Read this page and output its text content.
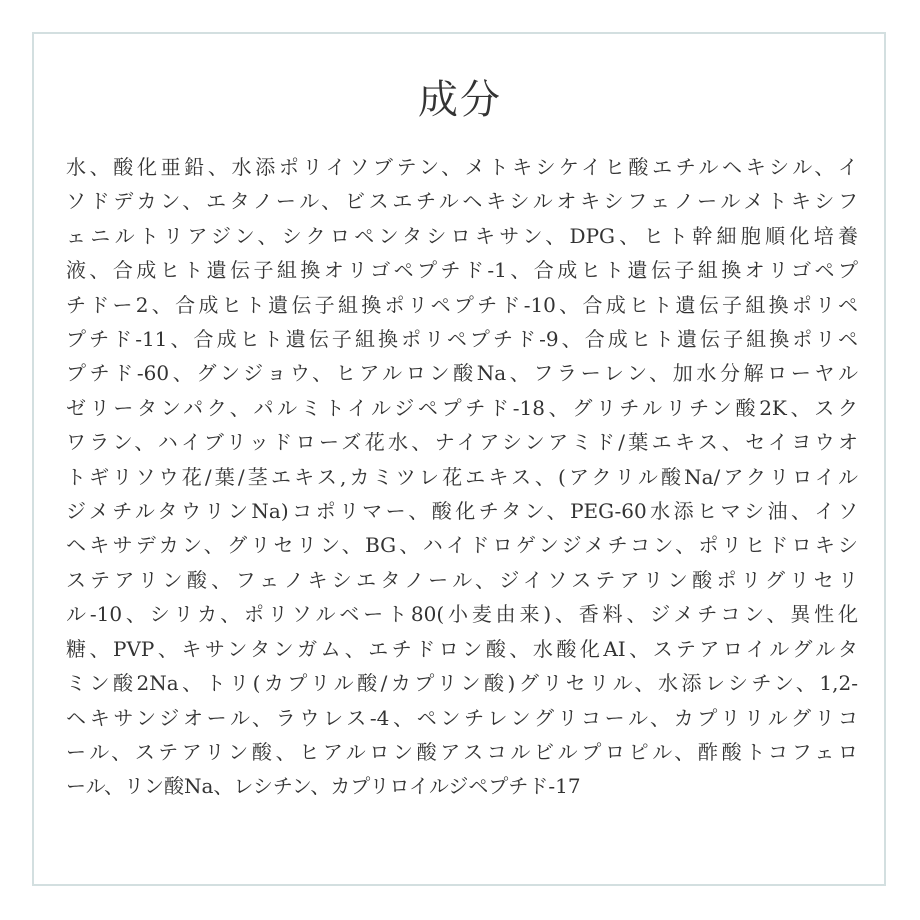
成分
水、酸化亜鉛、水添ポリイソブテン、メトキシケイヒ酸エチルヘキシル、イ
ソドデカン、エタノール、ビスエチルヘキシルオキシフェノールメトキシフ
ェニルトリアジン、シクロペンタシロキサン、DPG、ヒト幹細胞順化培養
液、合成ヒト遺伝子組換オリゴペプチド-1、合成ヒト遺伝子組換オリゴペプ
チドー2、合成ヒト遺伝子組換ポリペプチド-10、合成ヒト遺伝子組換ポリペ
プチド-11、合成ヒト遺伝子組換ポリペプチド-9、合成ヒト遺伝子組換ポリペ
プチド-60、グンジョウ、ヒアルロン酸Na、フラーレン、加水分解ローヤル
ゼリータンパク、パルミトイルジペプチド-18、グリチルリチン酸2K、スク
ワラン、ハイブリッドローズ花水、ナイアシンアミド/葉エキス、セイヨウオ
トギリソウ花/葉/茎エキス,カミツレ花エキス、(アクリル酸Na/アクリロイル
ジメチルタウリンNa)コポリマー、酸化チタン、PEG-60水添ヒマシ油、イソ
ヘキサデカン、グリセリン、BG、ハイドロゲンジメチコン、ポリヒドロキシ
ステアリン酸、フェノキシエタノール、ジイソステアリン酸ポリグリセリ
ル-10、シリカ、ポリソルベート80(小麦由来)、香料、ジメチコン、異性化
糖、PVP、キサンタンガム、エチドロン酸、水酸化AI、ステアロイルグルタ
ミン酸2Na、トリ(カプリル酸/カプリン酸)グリセリル、水添レシチン、1,2-
ヘキサンジオール、ラウレス-4、ペンチレングリコール、カプリリルグリコ
ール、ステアリン酸、ヒアルロン酸アスコルビルプロピル、酢酸トコフェロ
ール、リン酸Na、レシチン、カプリロイルジペプチド-17
